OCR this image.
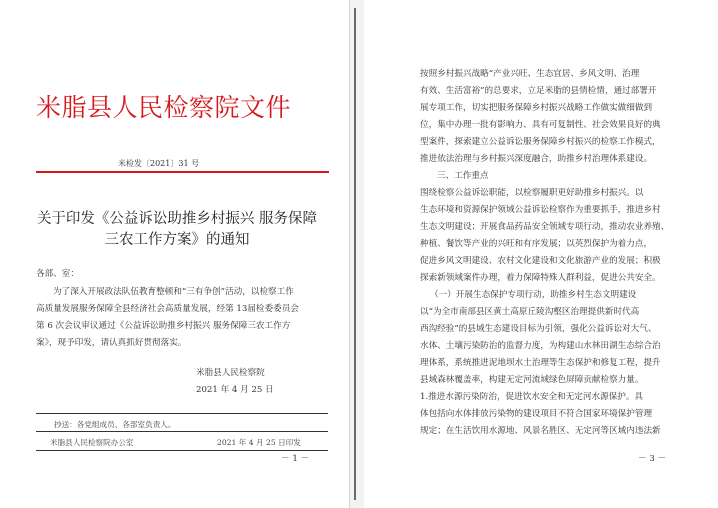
米脂县人民检察院文件
米检发〔2021〕31 号
关于印发《公益诉讼助推乡村振兴 服务保障三农工作方案》的通知
各部、室：
为了深入开展政法队伍教育整顿和“三有争创”活动，以检察工作高质量发展服务保障全县经济社会高质量发展，经第 13届检委委员会第 6 次会议审议通过《公益诉讼助推乡村振兴 服务保障三农工作方案》，现予印发，请认真抓好贯彻落实。
米脂县人民检察院
2021 年 4 月 25 日
抄送：各党组成员、各部室负责人。
米脂县人民检察院办公室	2021 年 4 月 25 日印发
－ 1 －
按照乡村振兴战略“产业兴旺、生态宜居、乡风文明、治理
有效、生活富裕”的总要求，立足米脂的县情检情，通过部署开
展专项工作，切实把服务保障乡村振兴战略工作做实做细做到
位，集中办理一批有影响力、具有可复制性、社会效果良好的典
型案件，探索建立公益诉讼服务保障乡村振兴的检察工作模式，
推进依法治理与乡村振兴深度融合，助推乡村治理体系建设。
三、工作重点
围绕检察公益诉讼职能，以检察履职更好助推乡村振兴。以
生态环境和资源保护领域公益诉讼检察作为重要抓手，推进乡村
生态文明建设；开展食品药品安全领域专项行动，推动农业养殖、
种植、餐饮等产业的兴旺和有序发展；以英烈保护为着力点，
促进乡风文明建设、农村文化建设和文化旅游产业的发展；积极
探索新领域案件办理，着力保障特殊人群利益，促进公共安全。
（一）开展生态保护专项行动，助推乡村生态文明建设
以“为全市南部县区黄土高原丘陵沟壑区治理提供新时代高
西沟经验”的县域生态建设目标为引领，强化公益诉讼对大气、
水体、土壤污染防治的监督力度，为构建山水林田湖生态综合治
理体系，系统推进泥地坝水土治理等生态保护和修复工程，提升
县域森林覆盖率，构建无定河流域绿色屏障贡献检察力量。
1.推进水源污染防治，促进饮水安全和无定河水源保护。具
体包括向水体排放污染物的建设项目不符合国家环境保护管理
规定；在生活饮用水源地、风景名胜区、无定河等区域内违法新
－ 3 －
